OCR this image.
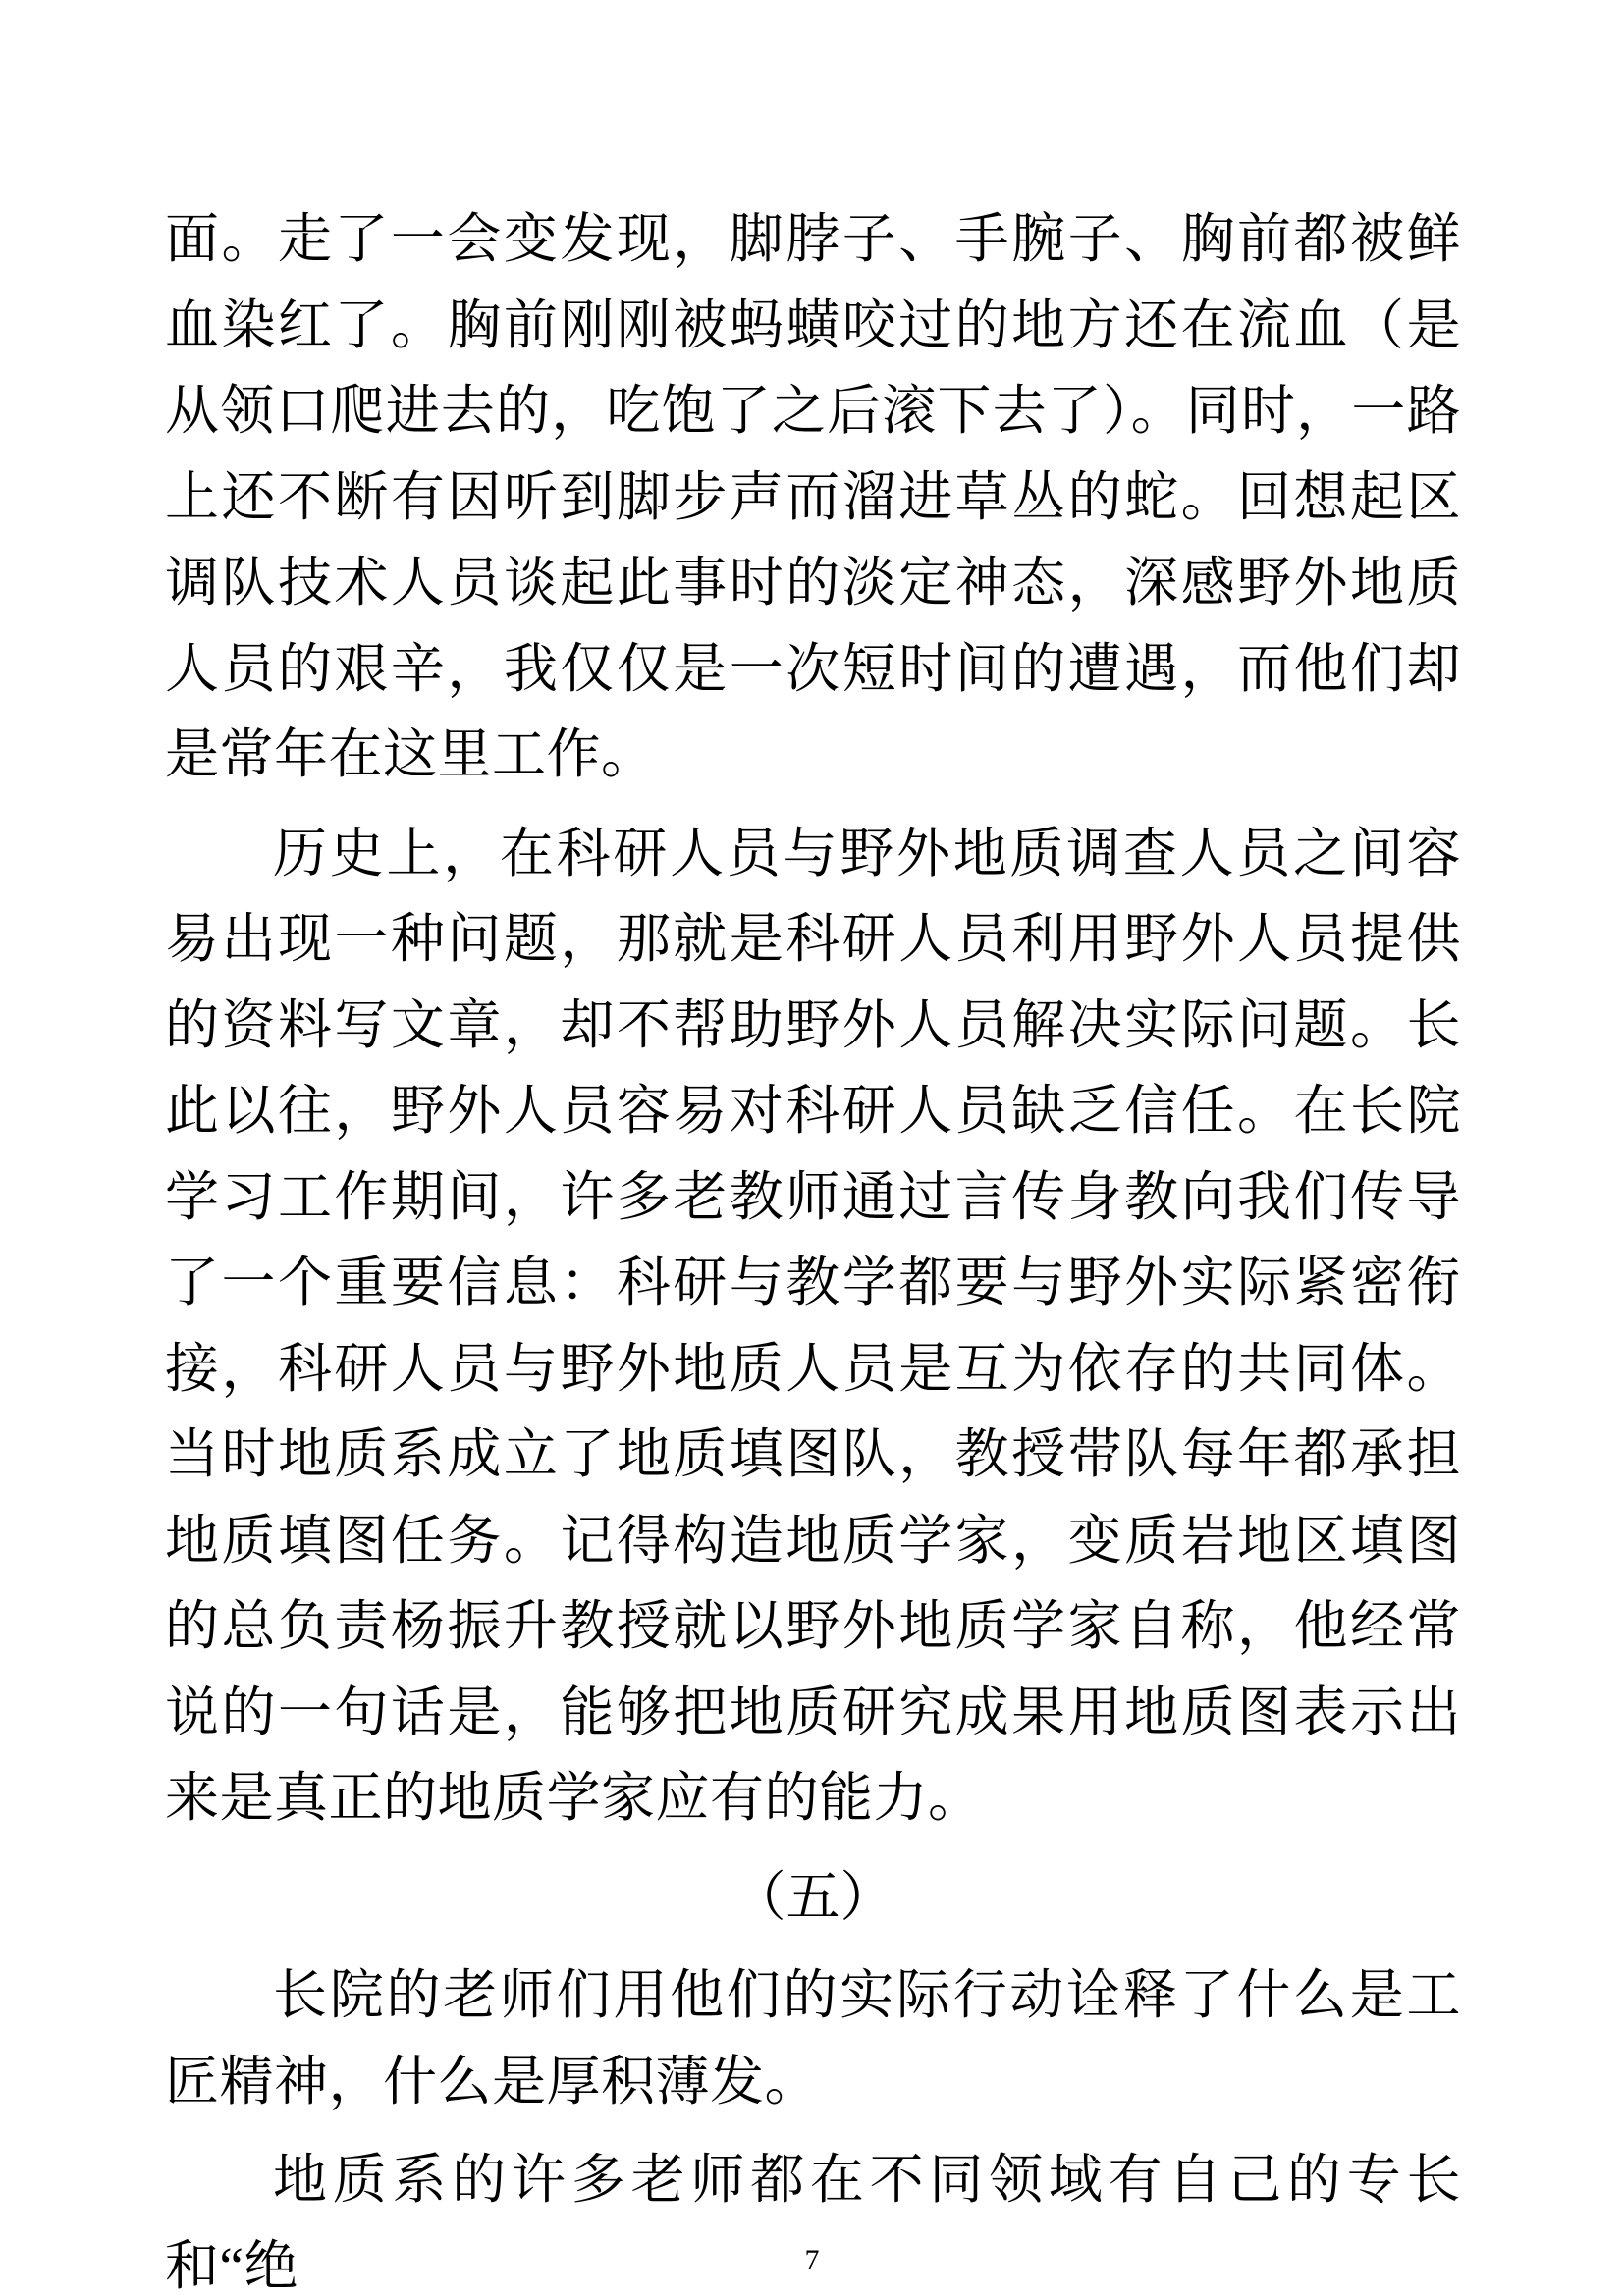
面。走了一会变发现，脚脖子、手腕子、胸前都被鲜血染红了。胸前刚刚被蚂蟥咬过的地方还在流血（是从领口爬进去的，吃饱了之后滚下去了）。同时，一路上还不断有因听到脚步声而溜进草丛的蛇。回想起区调队技术人员谈起此事时的淡定神态，深感野外地质人员的艰辛，我仅仅是一次短时间的遭遇，而他们却是常年在这里工作。

历史上，在科研人员与野外地质调查人员之间容易出现一种问题，那就是科研人员利用野外人员提供的资料写文章，却不帮助野外人员解决实际问题。长此以往，野外人员容易对科研人员缺乏信任。在长院学习工作期间，许多老教师通过言传身教向我们传导了一个重要信息：科研与教学都要与野外实际紧密衔接，科研人员与野外地质人员是互为依存的共同体。当时地质系成立了地质填图队，教授带队每年都承担地质填图任务。记得构造地质学家，变质岩地区填图的总负责杨振升教授就以野外地质学家自称，他经常说的一句话是，能够把地质研究成果用地质图表示出来是真正的地质学家应有的能力。

（五）

长院的老师们用他们的实际行动诠释了什么是工匠精神，什么是厚积薄发。

地质系的许多老师都在不同领域有自己的专长和“绝	7
